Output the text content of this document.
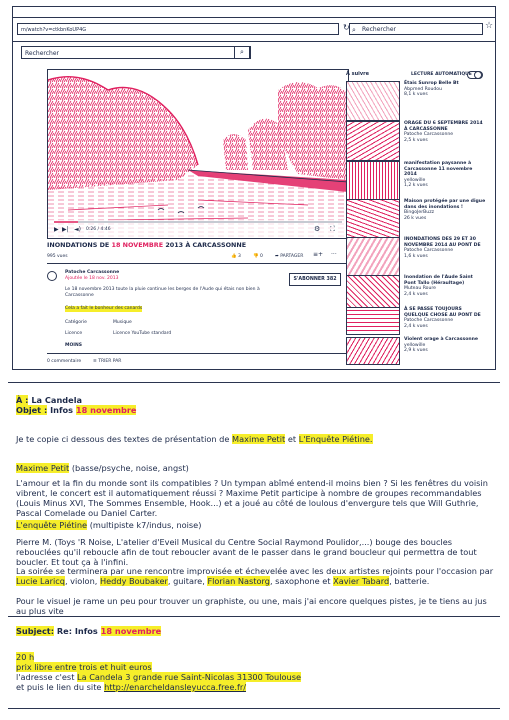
m/watch?v=ctkbnKoUP4G	↻ ⌕ Rechercher	☆
Rechercher	⌕
▶ ▶| ◄) 0:26 / 4:46	⚙ ⛶
INONDATIONS DE 18 NOVEMBRE 2013 À CARCASSONNE
995 vues	👍 3	👎 0	➦ PARTAGER ≡+ ···
Patoche Carcassonne
Ajoutée le 18 nov. 2013	S'ABONNER 382
Le 18 novembre 2013 toute la pluie continue les berges de l'Aude qui étais non bien à Carcassonne
Cela a fait le bonheur des canards
Catégorie	Musique
Licence	Licence YouTube standard
MOINS
0 commentaire	≡ TRIER PAR
À suivre	LECTURE AUTOMATIQUE
Étais Sunrop Belle Bt
Abpmed Roudou
8,1 k vues
ORAGE DU 6 SEPTEMBRE 2014 À CARCASSONNE
Patoche Carcassonne
2,5 k vues
manifestation paysanne à Carcassonne 11 novembre 2014
yellowille
1,2 k vues
Maison protégée par une digue dans des inondations !
BingoJerBuzz
26 k vues
INONDATIONS DES 29 ET 30 NOVEMBRE 2014 AU PONT DE
Patoche Carcassonne
1,6 k vues
Inondation de l'Aude Saint Pont Tallo (Héraultage)
Muteau Roure
2,4 k vues
À SE PASSE TOUJOURS QUELQUE CHOSE AU PONT DE
Patoche Carcassonne
2,4 k vues
Violent orage à Carcassonne
yellowille
2,9 k vues
À : La Candela
Objet : Infos 18 novembre
Je te copie ci dessous des textes de présentation de Maxime Petit et L'Enquête Piétine.
Maxime Petit (basse/psyche, noise, angst)
L'amour et la fin du monde sont ils compatibles ? Un tympan abîmé entend-il moins bien ? Si les fenêtres du voisin vibrent, le concert est il automatiquement réussi ? Maxime Petit participe à nombre de groupes recommandables (Louis Minus XVI, The Sommes Ensemble, Hook...) et a joué au côté de loulous d'envergure tels que Will Guthrie, Pascal Comelade ou Daniel Carter.
L'enquête Piétine (multipiste k7/indus, noise)
Pierre M. (Toys 'R Noise, L'atelier d'Eveil Musical du Centre Social Raymond Poulidor,...) bouge des boucles rebouclées qu'il reboucle afin de tout reboucler avant de le passer dans le grand boucleur qui permettra de tout boucler. Et tout ça à l'infini.
La soirée se terminera par une rencontre improvisée et échevelée avec les deux artistes rejoints pour l'occasion par
Lucie Laricq, violon, Heddy Boubaker, guitare, Florian Nastorg, saxophone et Xavier Tabard, batterie.
Pour le visuel je rame un peu pour trouver un graphiste, ou une, mais j'ai encore quelques pistes, je te tiens au jus au plus vite
Subject: Re: Infos 18 novembre
20 h
prix libre entre trois et huit euros
l'adresse c'est La Candela 3 grande rue Saint-Nicolas 31300 Toulouse
et puis le lien du site http://enarcheldansleyucca.free.fr/
